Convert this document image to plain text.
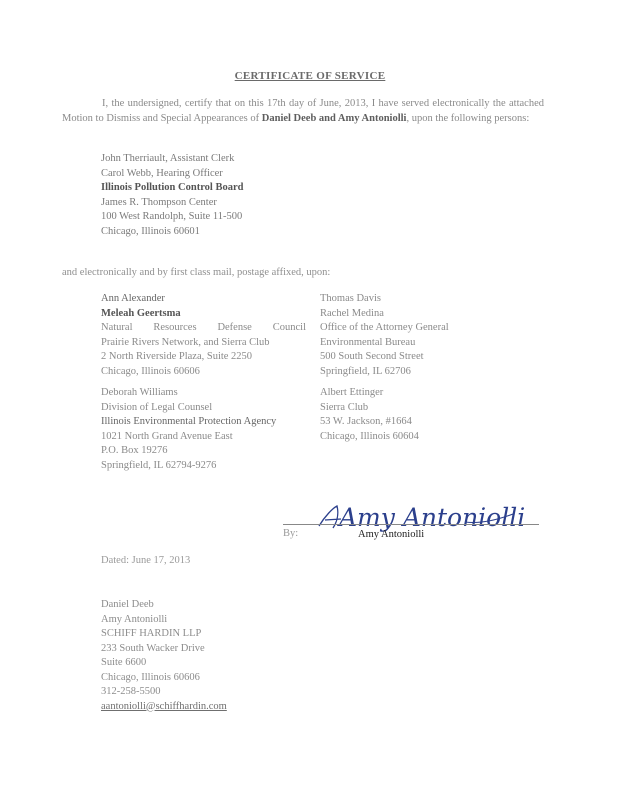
CERTIFICATE OF SERVICE
I, the undersigned, certify that on this 17th day of June, 2013, I have served electronically the attached Motion to Dismiss and Special Appearances of Daniel Deeb and Amy Antoniolli, upon the following persons:
John Therriault, Assistant Clerk
Carol Webb, Hearing Officer
Illinois Pollution Control Board
James R. Thompson Center
100 West Randolph, Suite 11-500
Chicago, Illinois 60601
and electronically and by first class mail, postage affixed, upon:
Ann Alexander
Meleah Geertsma
Natural Resources Defense Council
Prairie Rivers Network, and Sierra Club
2 North Riverside Plaza, Suite 2250
Chicago, Illinois 60606
Thomas Davis
Rachel Medina
Office of the Attorney General
Environmental Bureau
500 South Second Street
Springfield, IL 62706
Deborah Williams
Division of Legal Counsel
Illinois Environmental Protection Agency
1021 North Grand Avenue East
P.O. Box 19276
Springfield, IL 62794-9276
Albert Ettinger
Sierra Club
53 W. Jackson, #1664
Chicago, Illinois 60604
Amy Antoniolli
By:	Amy Antoniolli
Dated: June 17, 2013
Daniel Deeb
Amy Antoniolli
SCHIFF HARDIN LLP
233 South Wacker Drive
Suite 6600
Chicago, Illinois 60606
312-258-5500
aantoniolli@schiffhardin.com
